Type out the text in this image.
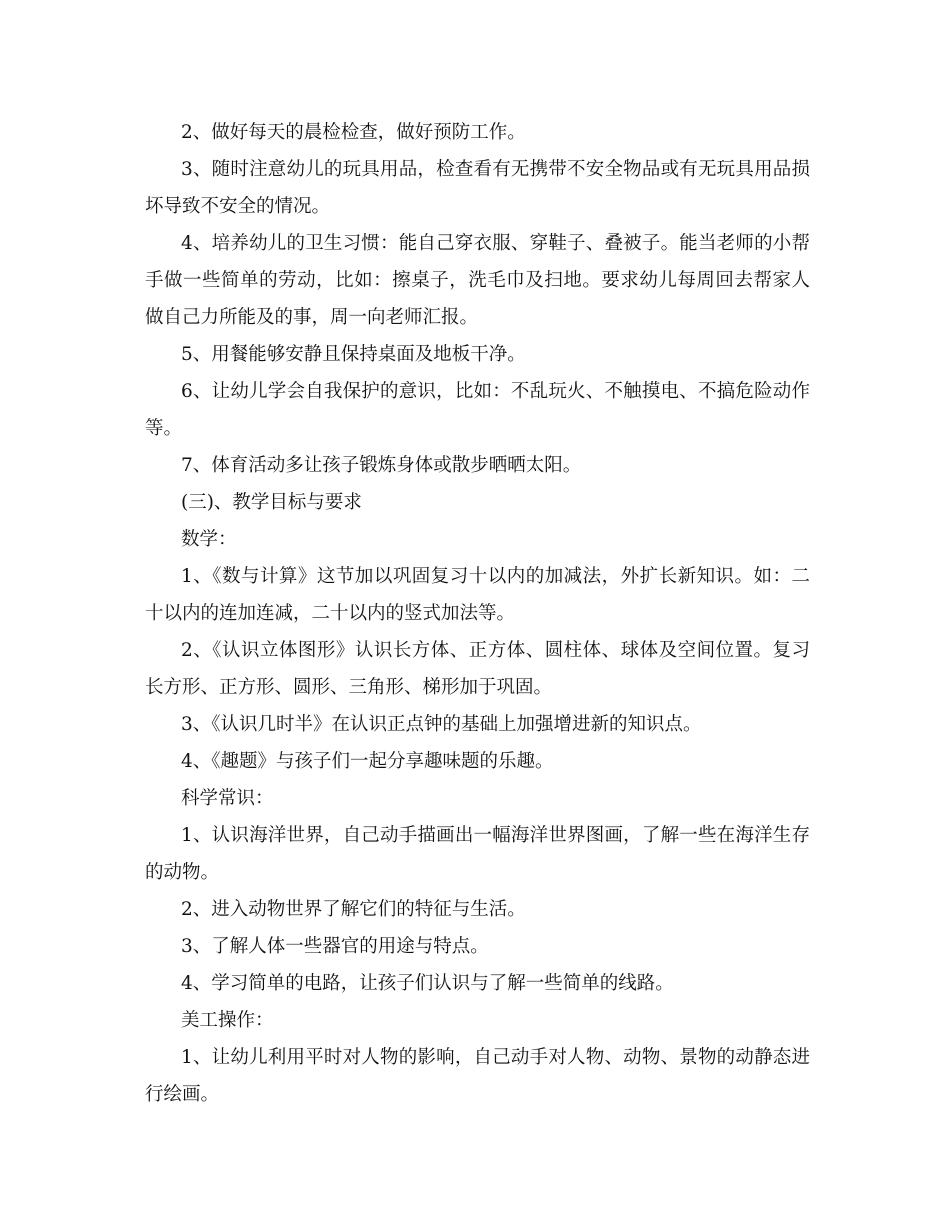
2、做好每天的晨检检查，做好预防工作。

3、随时注意幼儿的玩具用品，检查看有无携带不安全物品或有无玩具用品损坏导致不安全的情况。

4、培养幼儿的卫生习惯：能自己穿衣服、穿鞋子、叠被子。能当老师的小帮手做一些简单的劳动，比如：擦桌子，洗毛巾及扫地。要求幼儿每周回去帮家人做自己力所能及的事，周一向老师汇报。

5、用餐能够安静且保持桌面及地板干净。

6、让幼儿学会自我保护的意识，比如：不乱玩火、不触摸电、不搞危险动作等。

7、体育活动多让孩子锻炼身体或散步晒晒太阳。

(三)、教学目标与要求

数学：

1、《数与计算》这节加以巩固复习十以内的加减法，外扩长新知识。如：二十以内的连加连减，二十以内的竖式加法等。

2、《认识立体图形》认识长方体、正方体、圆柱体、球体及空间位置。复习长方形、正方形、圆形、三角形、梯形加于巩固。

3、《认识几时半》在认识正点钟的基础上加强增进新的知识点。

4、《趣题》与孩子们一起分享趣味题的乐趣。

科学常识：

1、认识海洋世界，自己动手描画出一幅海洋世界图画，了解一些在海洋生存的动物。

2、进入动物世界了解它们的特征与生活。

3、了解人体一些器官的用途与特点。

4、学习简单的电路，让孩子们认识与了解一些简单的线路。

美工操作：

1、让幼儿利用平时对人物的影响，自己动手对人物、动物、景物的动静态进行绘画。
